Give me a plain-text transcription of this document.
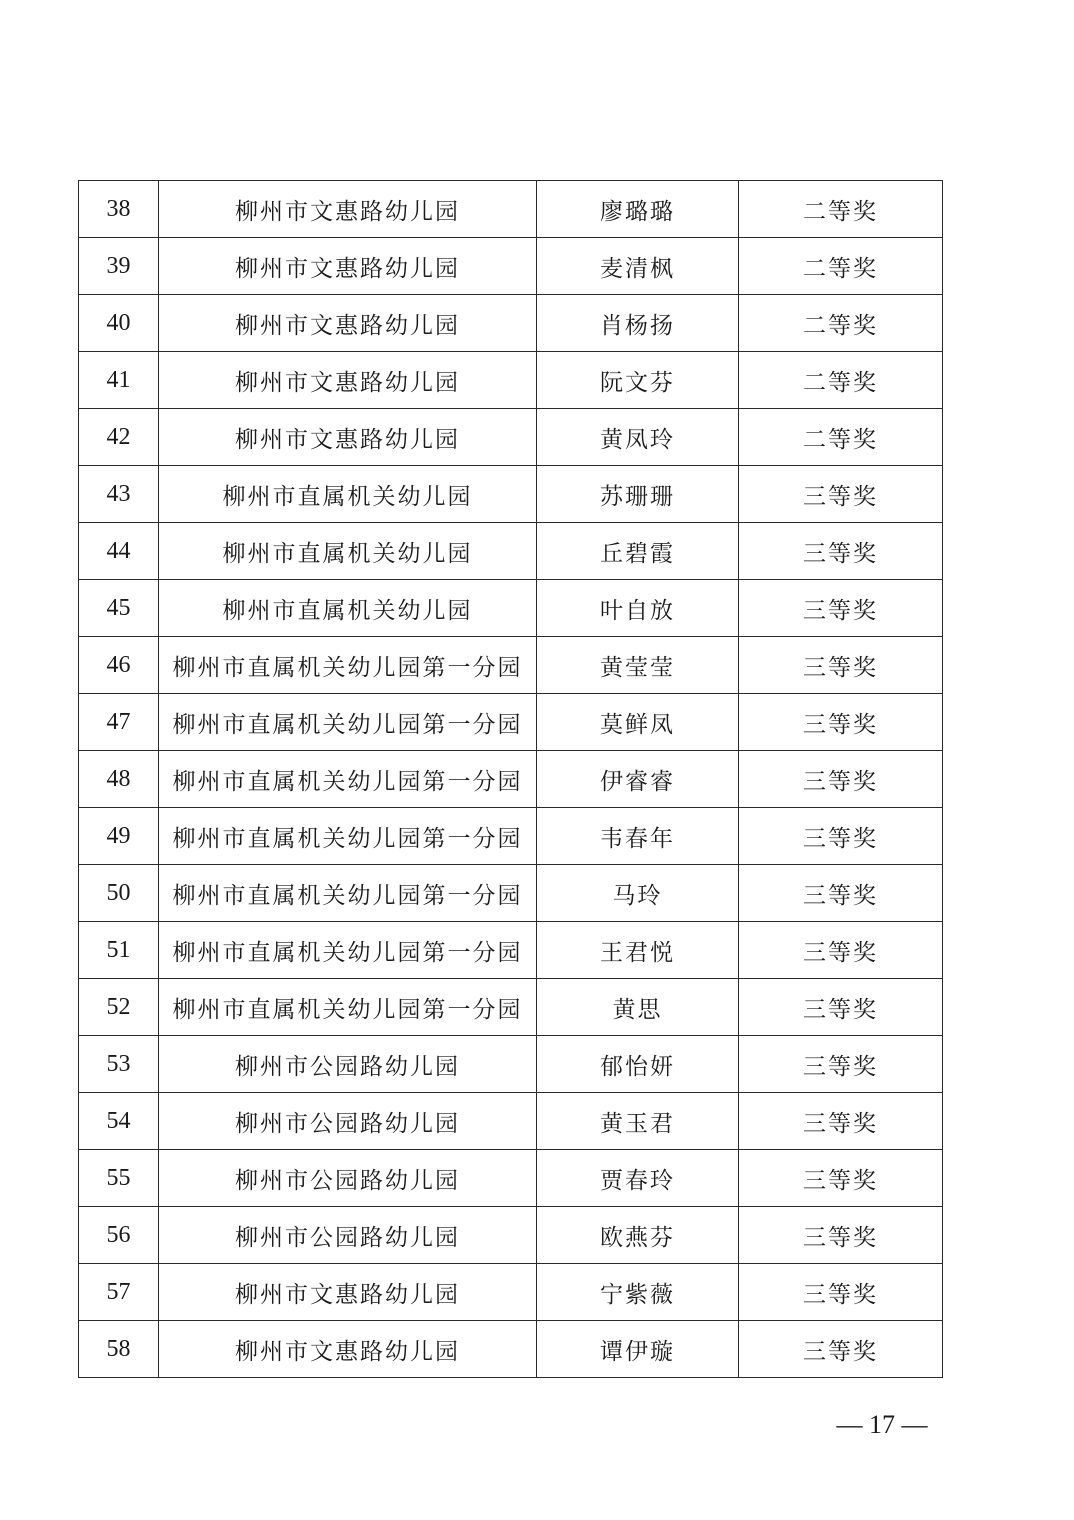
38	柳州市文惠路幼儿园	廖璐璐	二等奖
39	柳州市文惠路幼儿园	麦清枫	二等奖
40	柳州市文惠路幼儿园	肖杨扬	二等奖
41	柳州市文惠路幼儿园	阮文芬	二等奖
42	柳州市文惠路幼儿园	黄凤玲	二等奖
43	柳州市直属机关幼儿园	苏珊珊	三等奖
44	柳州市直属机关幼儿园	丘碧霞	三等奖
45	柳州市直属机关幼儿园	叶自放	三等奖
46	柳州市直属机关幼儿园第一分园	黄莹莹	三等奖
47	柳州市直属机关幼儿园第一分园	莫鲜凤	三等奖
48	柳州市直属机关幼儿园第一分园	伊睿睿	三等奖
49	柳州市直属机关幼儿园第一分园	韦春年	三等奖
50	柳州市直属机关幼儿园第一分园	马玲	三等奖
51	柳州市直属机关幼儿园第一分园	王君悦	三等奖
52	柳州市直属机关幼儿园第一分园	黄思	三等奖
53	柳州市公园路幼儿园	郁怡妍	三等奖
54	柳州市公园路幼儿园	黄玉君	三等奖
55	柳州市公园路幼儿园	贾春玲	三等奖
56	柳州市公园路幼儿园	欧燕芬	三等奖
57	柳州市文惠路幼儿园	宁紫薇	三等奖
58	柳州市文惠路幼儿园	谭伊璇	三等奖
— 17 —
